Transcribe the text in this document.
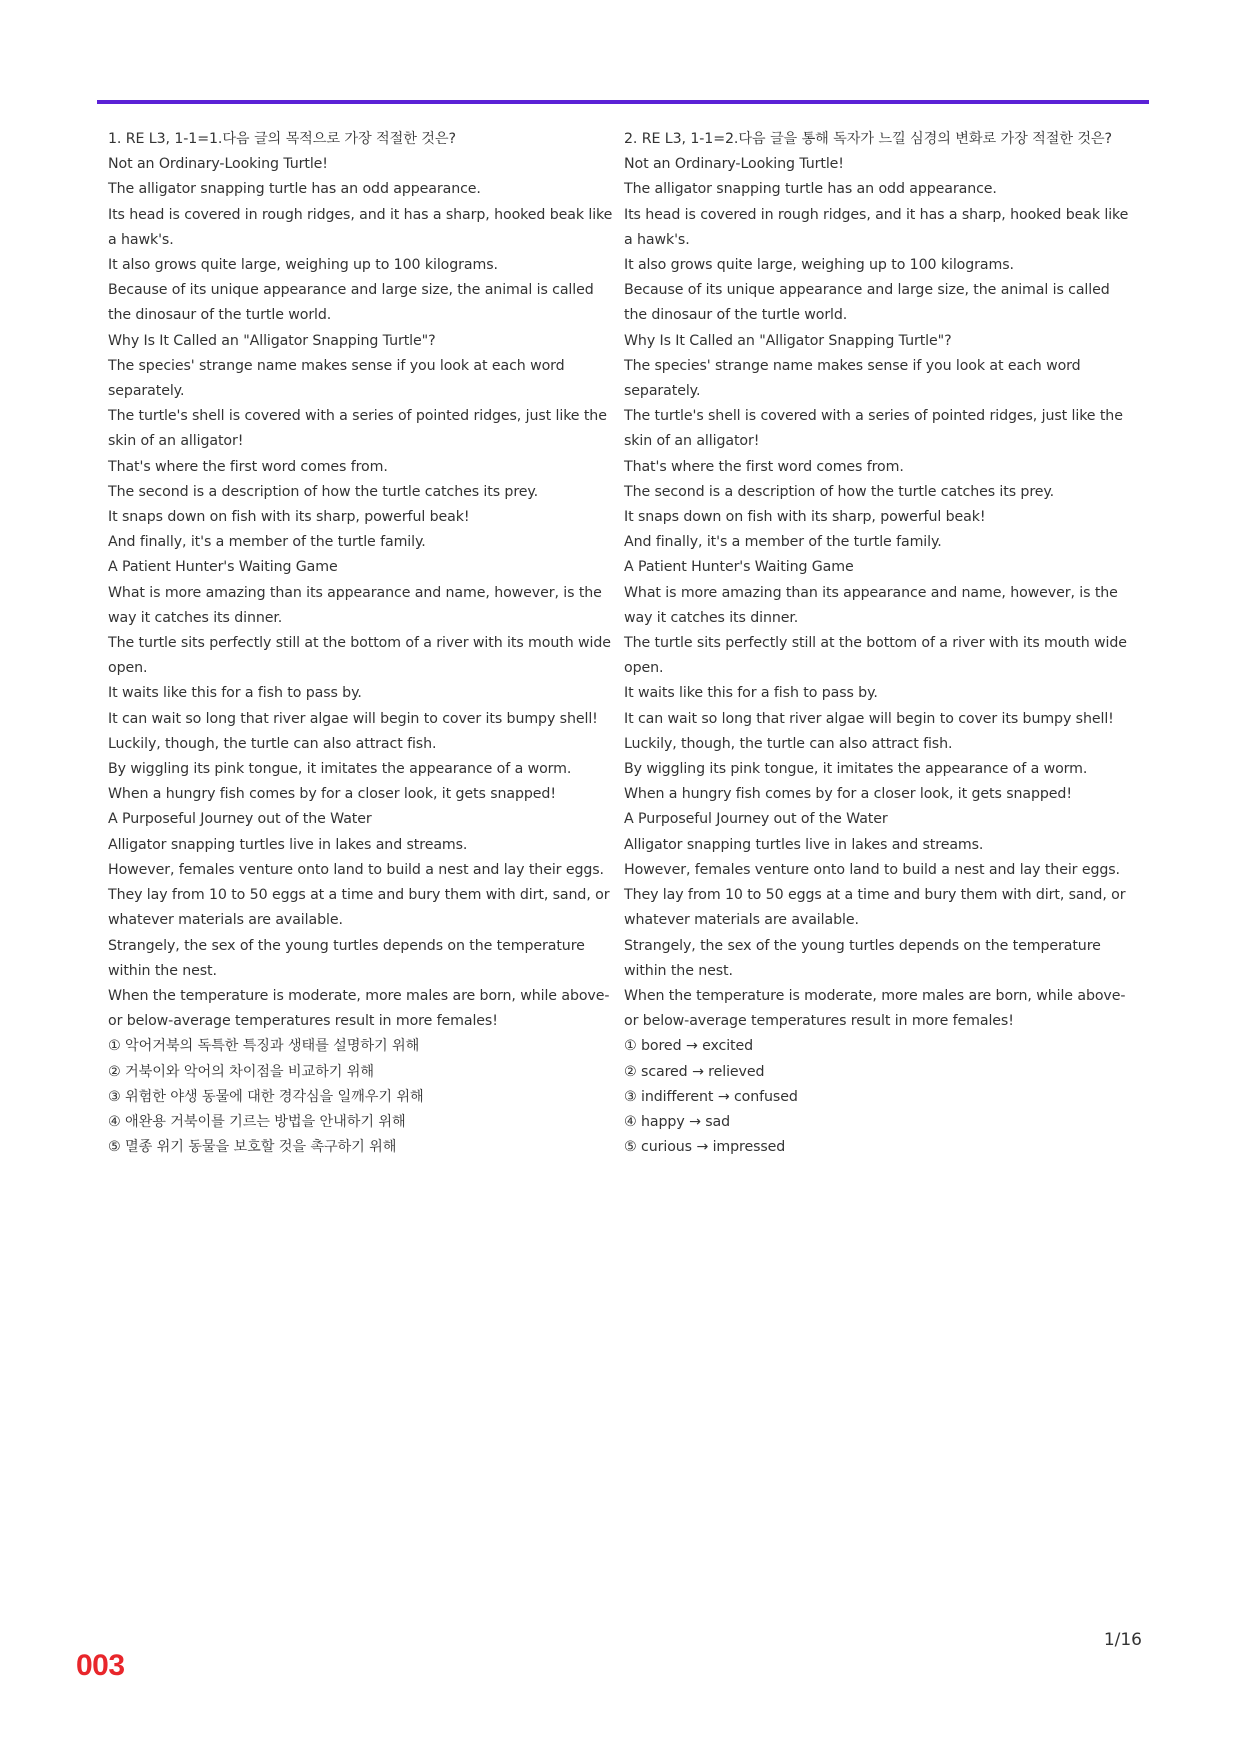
1. RE L3, 1-1=1.다음 글의 목적으로 가장 적절한 것은?

Not an Ordinary-Looking Turtle!

The alligator snapping turtle has an odd appearance.

Its head is covered in rough ridges, and it has a sharp, hooked beak like a hawk's.

It also grows quite large, weighing up to 100 kilograms.

Because of its unique appearance and large size, the animal is called the dinosaur of the turtle world.

Why Is It Called an "Alligator Snapping Turtle"?

The species' strange name makes sense if you look at each word separately.

The turtle's shell is covered with a series of pointed ridges, just like the skin of an alligator!

That's where the first word comes from.

The second is a description of how the turtle catches its prey.

It snaps down on fish with its sharp, powerful beak!

And finally, it's a member of the turtle family.

A Patient Hunter's Waiting Game

What is more amazing than its appearance and name, however, is the way it catches its dinner.

The turtle sits perfectly still at the bottom of a river with its mouth wide open.

It waits like this for a fish to pass by.

It can wait so long that river algae will begin to cover its bumpy shell!

Luckily, though, the turtle can also attract fish.

By wiggling its pink tongue, it imitates the appearance of a worm.

When a hungry fish comes by for a closer look, it gets snapped!

A Purposeful Journey out of the Water

Alligator snapping turtles live in lakes and streams.

However, females venture onto land to build a nest and lay their eggs.

They lay from 10 to 50 eggs at a time and bury them with dirt, sand, or whatever materials are available.

Strangely, the sex of the young turtles depends on the temperature within the nest.

When the temperature is moderate, more males are born, while above- or below-average temperatures result in more females!

① 악어거북의 독특한 특징과 생태를 설명하기 위해

② 거북이와 악어의 차이점을 비교하기 위해

③ 위험한 야생 동물에 대한 경각심을 일깨우기 위해

④ 애완용 거북이를 기르는 방법을 안내하기 위해

⑤ 멸종 위기 동물을 보호할 것을 촉구하기 위해

2. RE L3, 1-1=2.다음 글을 통해 독자가 느낄 심경의 변화로 가장 적절한 것은?

Not an Ordinary-Looking Turtle!

The alligator snapping turtle has an odd appearance.

Its head is covered in rough ridges, and it has a sharp, hooked beak like a hawk's.

It also grows quite large, weighing up to 100 kilograms.

Because of its unique appearance and large size, the animal is called the dinosaur of the turtle world.

Why Is It Called an "Alligator Snapping Turtle"?

The species' strange name makes sense if you look at each word separately.

The turtle's shell is covered with a series of pointed ridges, just like the skin of an alligator!

That's where the first word comes from.

The second is a description of how the turtle catches its prey.

It snaps down on fish with its sharp, powerful beak!

And finally, it's a member of the turtle family.

A Patient Hunter's Waiting Game

What is more amazing than its appearance and name, however, is the way it catches its dinner.

The turtle sits perfectly still at the bottom of a river with its mouth wide open.

It waits like this for a fish to pass by.

It can wait so long that river algae will begin to cover its bumpy shell!

Luckily, though, the turtle can also attract fish.

By wiggling its pink tongue, it imitates the appearance of a worm.

When a hungry fish comes by for a closer look, it gets snapped!

A Purposeful Journey out of the Water

Alligator snapping turtles live in lakes and streams.

However, females venture onto land to build a nest and lay their eggs.

They lay from 10 to 50 eggs at a time and bury them with dirt, sand, or whatever materials are available.

Strangely, the sex of the young turtles depends on the temperature within the nest.

When the temperature is moderate, more males are born, while above- or below-average temperatures result in more females!

① bored → excited

② scared → relieved

③ indifferent → confused

④ happy → sad

⑤ curious → impressed

1/16
003
